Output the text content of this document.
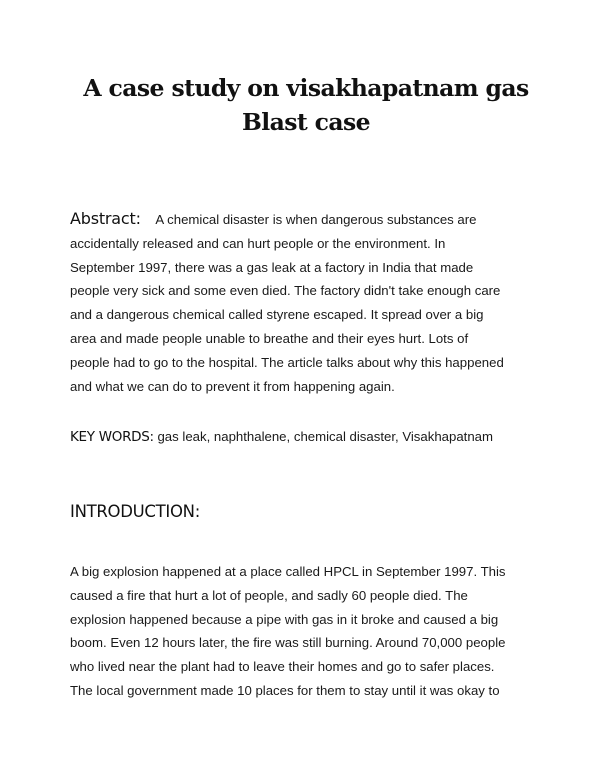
A case study on visakhapatnam gas
Blast case
Abstract: A chemical disaster is when dangerous substances are
accidentally released and can hurt people or the environment. In
September 1997, there was a gas leak at a factory in India that made
people very sick and some even died. The factory didn't take enough care
and a dangerous chemical called styrene escaped. It spread over a big
area and made people unable to breathe and their eyes hurt. Lots of
people had to go to the hospital. The article talks about why this happened
and what we can do to prevent it from happening again.
KEY WORDS: gas leak, naphthalene, chemical disaster, Visakhapatnam
INTRODUCTION:
A big explosion happened at a place called HPCL in September 1997. This
caused a fire that hurt a lot of people, and sadly 60 people died. The
explosion happened because a pipe with gas in it broke and caused a big
boom. Even 12 hours later, the fire was still burning. Around 70,000 people
who lived near the plant had to leave their homes and go to safer places.
The local government made 10 places for them to stay until it was okay to
